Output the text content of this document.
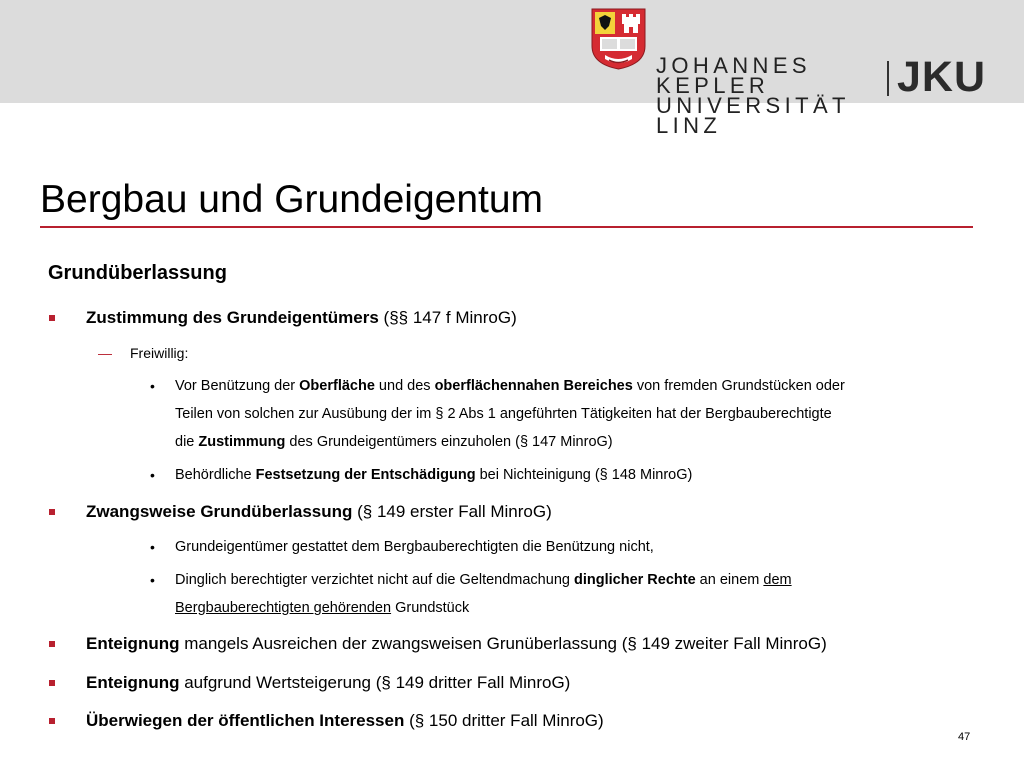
JOHANNES KEPLER
UNIVERSITÄT LINZ
JKU
Bergbau und Grundeigentum
Grundüberlassung
Zustimmung des Grundeigentümers (§§ 147 f MinroG)
— Freiwillig:
• Vor Benützung der Oberfläche und des oberflächennahen Bereiches von fremden Grundstücken oder
Teilen von solchen zur Ausübung der im § 2 Abs 1 angeführten Tätigkeiten hat der Bergbauberechtigte
die Zustimmung des Grundeigentümers einzuholen (§ 147 MinroG)
• Behördliche Festsetzung der Entschädigung bei Nichteinigung (§ 148 MinroG)
Zwangsweise Grundüberlassung (§ 149 erster Fall MinroG)
• Grundeigentümer gestattet dem Bergbauberechtigten die Benützung nicht,
• Dinglich berechtigter verzichtet nicht auf die Geltendmachung dinglicher Rechte an einem dem
Bergbauberechtigten gehörenden Grundstück
Enteignung mangels Ausreichen der zwangsweisen Grunüberlassung (§ 149 zweiter Fall MinroG)
Enteignung aufgrund Wertsteigerung (§ 149 dritter Fall MinroG)
Überwiegen der öffentlichen Interessen (§ 150 dritter Fall MinroG)
47
